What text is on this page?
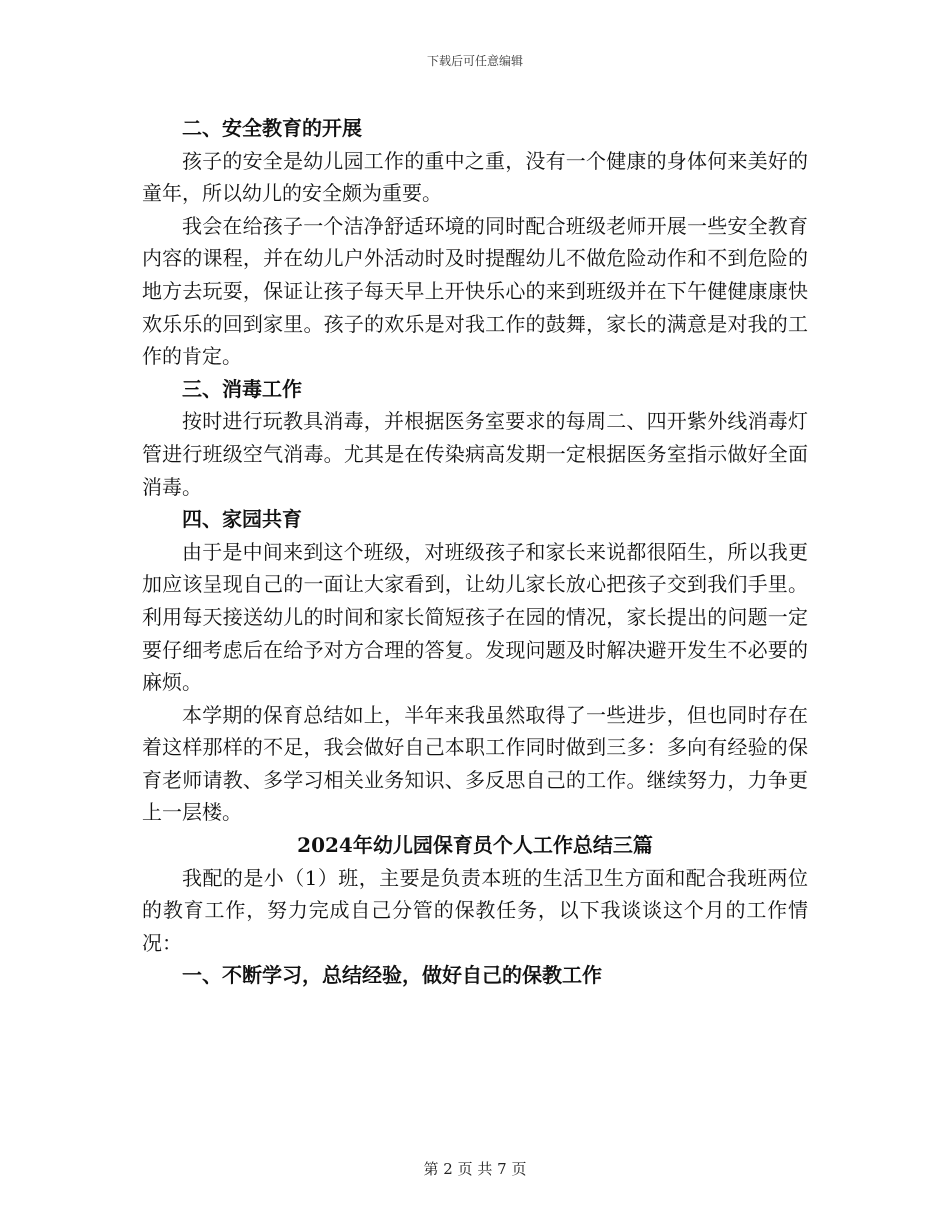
下载后可任意编辑
二、安全教育的开展

孩子的安全是幼儿园工作的重中之重，没有一个健康的身体何来美好的童年，所以幼儿的安全颇为重要。

我会在给孩子一个洁净舒适环境的同时配合班级老师开展一些安全教育内容的课程，并在幼儿户外活动时及时提醒幼儿不做危险动作和不到危险的地方去玩耍，保证让孩子每天早上开快乐心的来到班级并在下午健健康康快欢乐乐的回到家里。孩子的欢乐是对我工作的鼓舞，家长的满意是对我的工作的肯定。

三、消毒工作

按时进行玩教具消毒，并根据医务室要求的每周二、四开紫外线消毒灯管进行班级空气消毒。尤其是在传染病高发期一定根据医务室指示做好全面消毒。

四、家园共育

由于是中间来到这个班级，对班级孩子和家长来说都很陌生，所以我更加应该呈现自己的一面让大家看到，让幼儿家长放心把孩子交到我们手里。利用每天接送幼儿的时间和家长简短孩子在园的情况，家长提出的问题一定要仔细考虑后在给予对方合理的答复。发现问题及时解决避开发生不必要的麻烦。

本学期的保育总结如上，半年来我虽然取得了一些进步，但也同时存在着这样那样的不足，我会做好自己本职工作同时做到三多：多向有经验的保育老师请教、多学习相关业务知识、多反思自己的工作。继续努力，力争更上一层楼。

2024年幼儿园保育员个人工作总结三篇

我配的是小（1）班，主要是负责本班的生活卫生方面和配合我班两位的教育工作，努力完成自己分管的保教任务，以下我谈谈这个月的工作情况：

一、不断学习，总结经验，做好自己的保教工作
第 2 页 共 7 页
